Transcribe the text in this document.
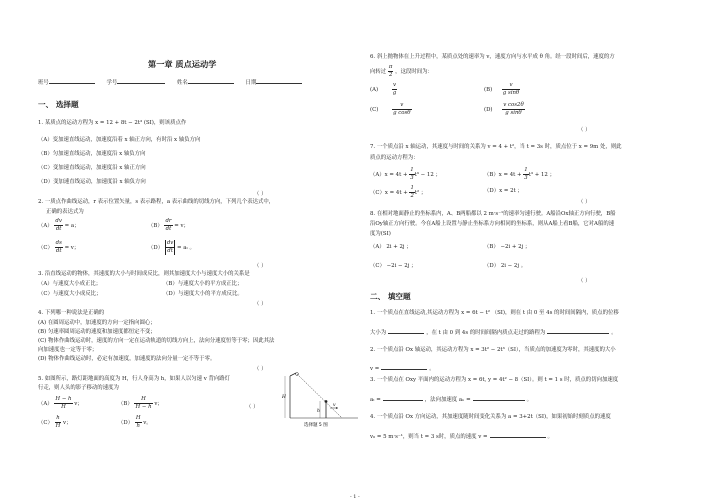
第一章 质点运动学
班号	学号	姓名	日期
一、 选择题
1. 某质点的运动方程为 x = 12 + 8t − 2t³ (SI)，则该质点作
（A）变加速直线运动，加速度沿着 x 轴正方向，有时沿 x 轴负方向
（B）匀加速直线运动，加速度沿 x 轴负方向
（C）变加速直线运动，加速度沿 x 轴正方向
（D）变加速直线运动，加速度沿 x 轴负方向
（ ）
2. 一质点作曲线运动，r 表示位置矢量，s 表示路程，a 表示曲线的切线方向，下列几个表达式中，
正确的表达式为
$(A) \frac{dv}{dt} = a$；	$(B) \frac{dr}{dt} = v$；
$(C) \frac{ds}{dt} = v$；	$(D) \frac{dv}{dt} = a_t$ 。
（ ）
3. 沿直线运动的物体，其速度的大小与时间成反比，则其加速度大小与速度大小的关系是
（A）与速度大小成正比；	（B）与速度大小的平方成正比；
（C）与速度大小成反比；	（D）与速度大小的平方成反比。
（ ）
4. 下列哪一种说法是正确的
(A) 在圆周运动中，加速度的方向一定指向圆心；
(B) 匀速率圆周运动的速度和加速度都恒定不变；
(C) 物体作曲线运动时，速度的方向一定在运动轨道的切线方向上，法向分速度恒等于零；因此其法
向加速度也一定等于零；
(D) 物体作曲线运动时，必定有加速度，加速度的法向分量一定不等于零。
（ ）
5. 如图所示，路灯距地面的高度为 H，行人身高为 h，如果人以匀速 v 背向路灯
行走，则人头的影子移动的速度为
$(A) \frac{H - h}{H}$ v；	$(B) \frac{H}{H - h}$ v；
$(C) \frac{h}{H}$ v；	$(D) \frac{H}{h}$ v。
（ ）
H
h
v
选择题 5 图
6. 斜上抛物体在上升过程中，某质点处的速率为 v，速度方向与水平成 θ 角。经一段时间后，速度的方
向转过 $\frac{\pi}{2}$ ，这段时间为：
(A)	$\frac{v}{g}$	$(B) \frac{v}{\text{g sinθ}}$
(C)	$\frac{v}{\text{g cosθ}}$	$(D) \frac{\text{v cos2θ}}{\text{g sinθ}}$
（ ）
7. 一个质点沿 x 轴运动，其速度与时间的关系为 v = 4 + t²，当 t = 3s 时，质点位于 x = 9m 处，则此
质点的运动方程为：
$(A)x = 4t + \frac{1}{3} t^3 - 12$ ；	$(B)x = 4t + \frac{1}{3} t^3 + 12$ ；
$(C)x = 4t + \frac{1}{2} t^2$ ；	（D）x = 2t ；
（ ）
8. 在相对地面静止的坐标系内，A、B两船都以 2 m·s⁻¹的速率匀速行驶。A船沿Ox轴正方向行驶，B船
沿Oy轴正方向行驶。今在A船上设置与静止坐标系方向相同的坐标系，则从A船上看B船，它对A船的速
度为(SI)
（A） 2i + 2j ；	（B） −2i + 2j ；
（C） −2i − 2j ；	（D） 2i − 2j 。
（ ）
二、 填空题
1. 一个质点在直线运动,其运动方程为 x = 6t − t² （SI)，则在 t 由 0 至 4s 的时间间隔内，质点的位移
大小为	，在 t 由 0 到 4s 的时间间隔内质点走过的路程为	。
2. 一个质点沿 Ox 轴运动，其运动方程为 x = 3t² − 2t³（SI），当质点的加速度为零时，其速度的大小
v =	。
3. 一个质点在 Oxy 平面内的运动方程为 x = 6t, y = 4t² − 8（SI）。则 t = 1 s 时，质点的切向加速度
aₜ =	，法向加速度 aₙ =	。
4. 一个质点沿 Ox 方向运动，其加速度随时间变化关系为 a = 3+2t（SI)，如果初始时刻质点的速度
v₀ = 5 m·s⁻¹，则当 t = 3 s时，质点的速度 v =	。
- 1 -
